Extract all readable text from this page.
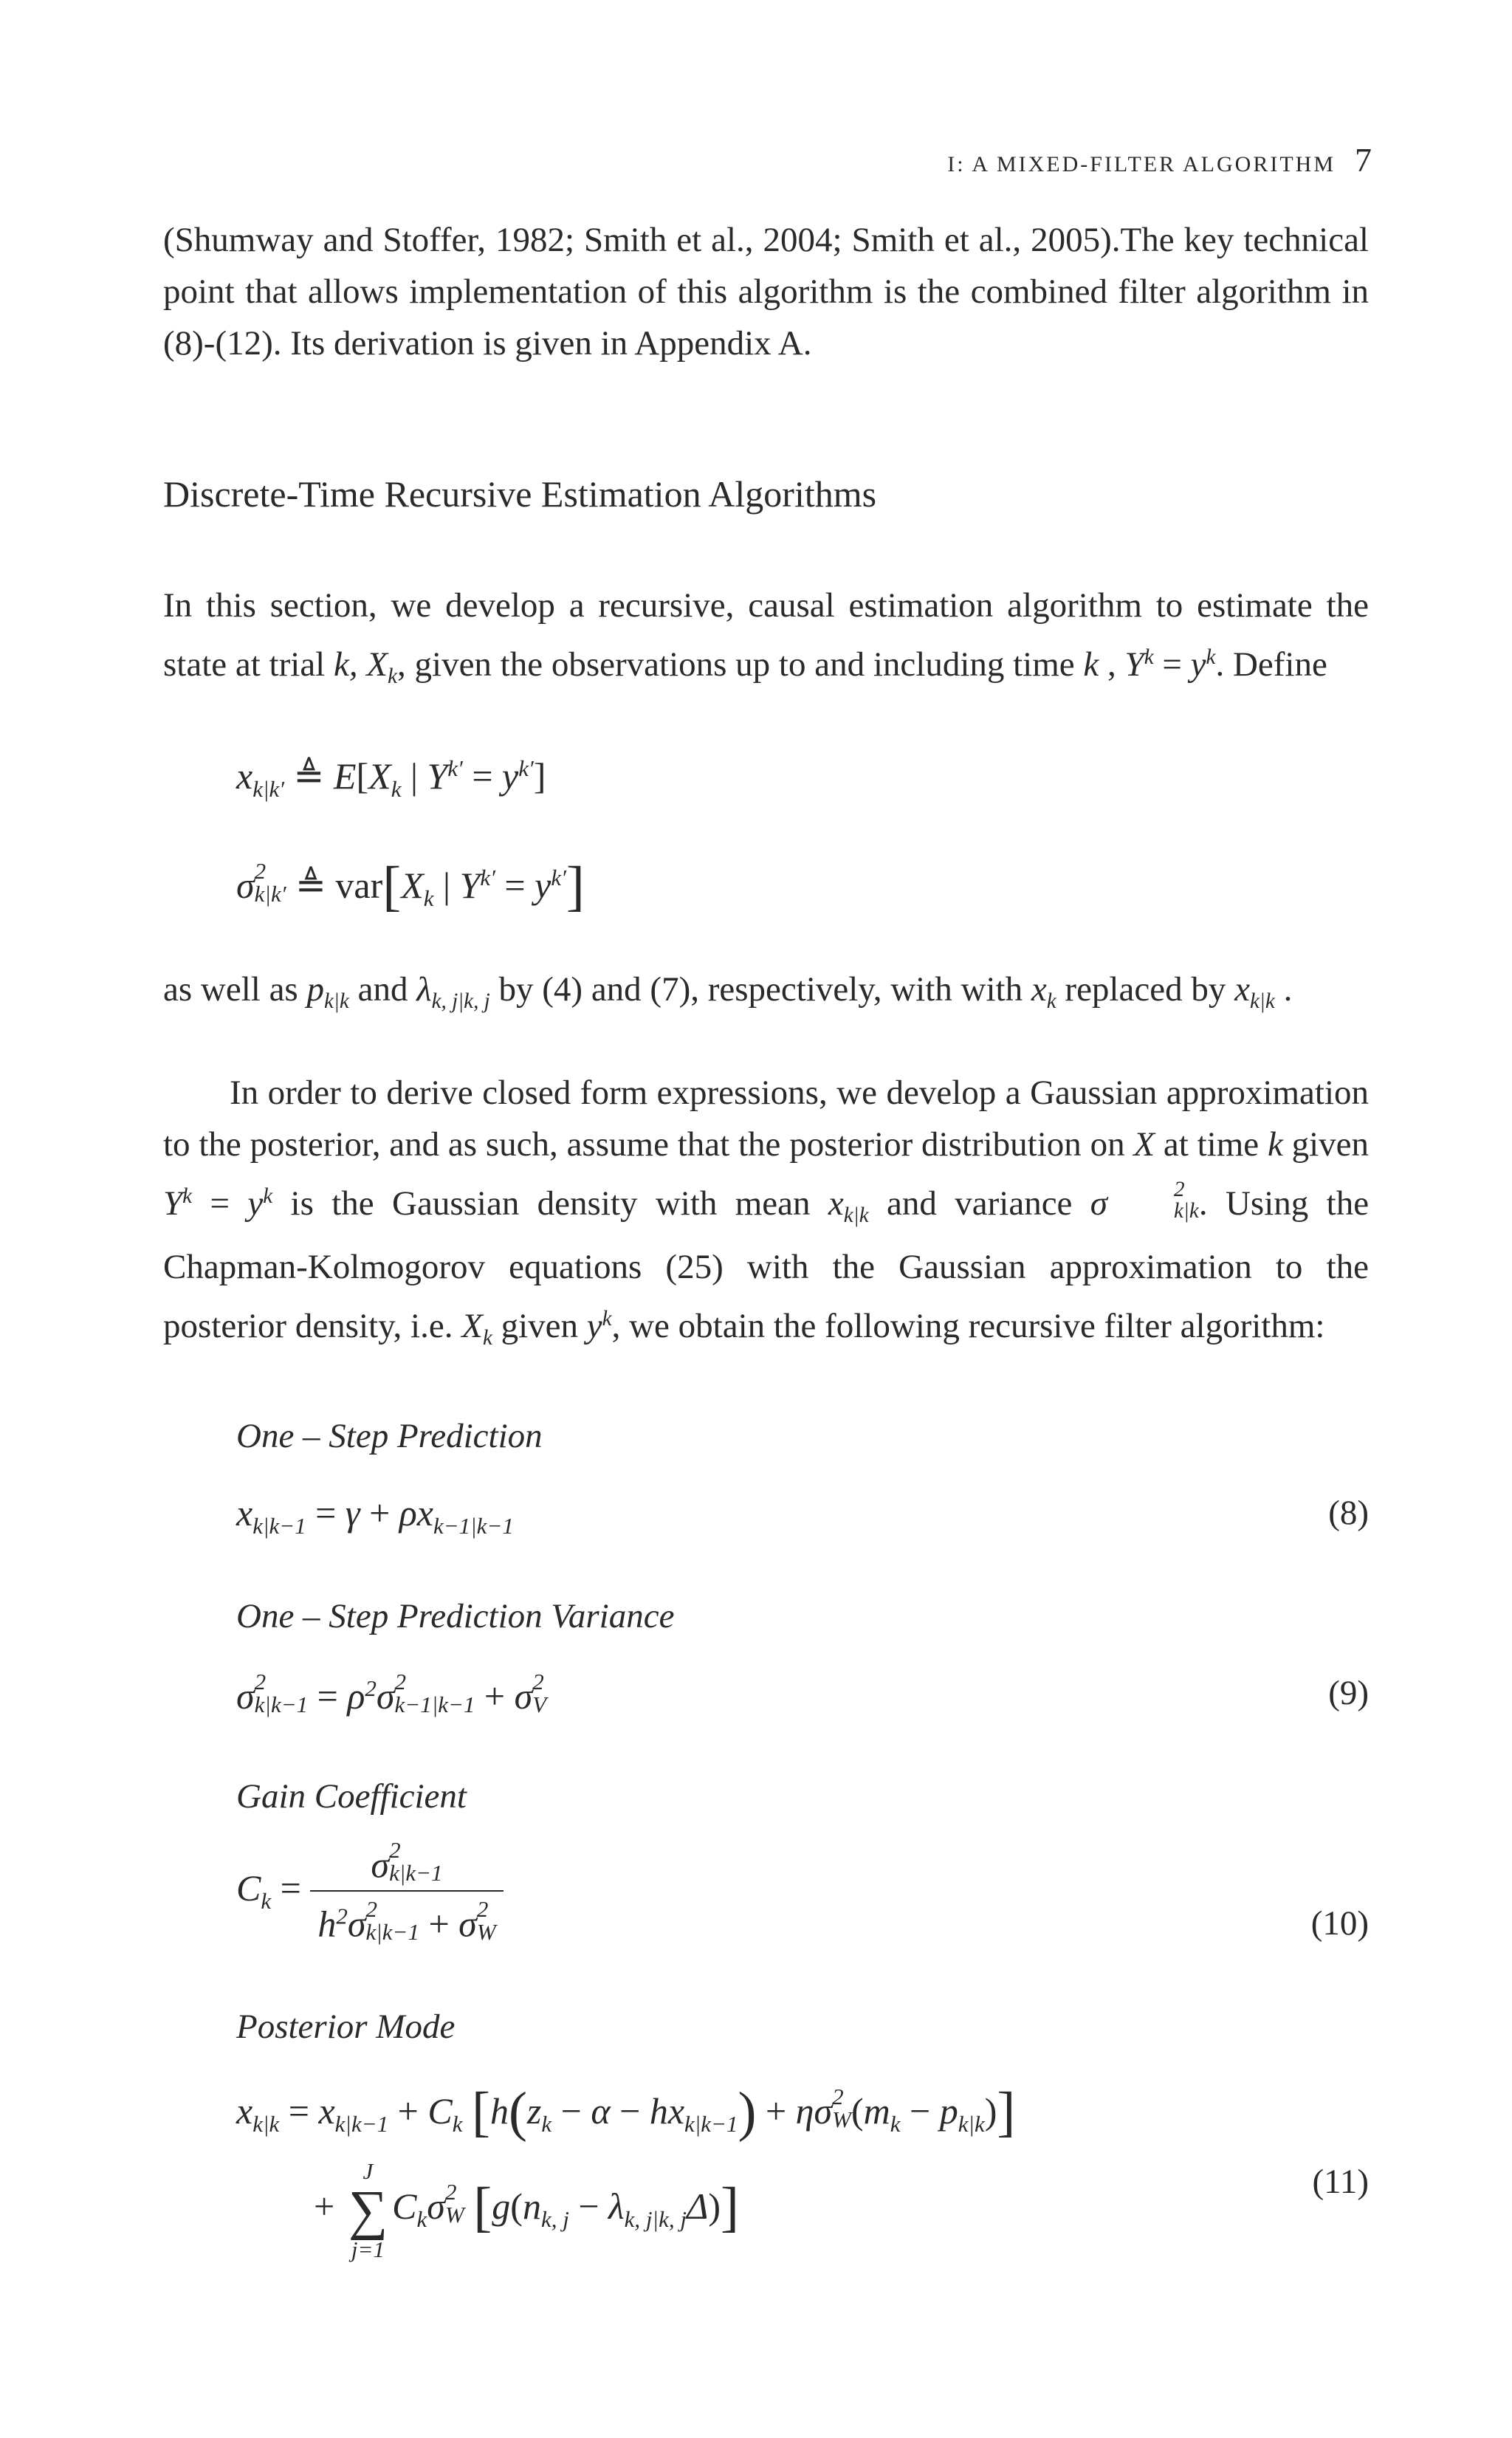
I: A MIXED-FILTER ALGORITHM 7

(Shumway and Stoffer, 1982; Smith et al., 2004; Smith et al., 2005).The key technical point that allows implementation of this algorithm is the combined filter algorithm in (8)-(12). Its derivation is given in Appendix A.

Discrete-Time Recursive Estimation Algorithms

In this section, we develop a recursive, causal estimation algorithm to estimate the state at trial k, $X_k$, given the observations up to and including time k , $Y^k = y^k$. Define

$x_{k|k'}$ ≜ $E[X_k$ | $Y^{k'} = y^{k'}$]
σ 2
k|k′ ≜ $var[X_k$ | $Y^{k'} = y^{k'}$]

as well as $p_{k|k}$ and $\lambda_{k, j|k, j}$ by (4) and (7), respectively, with with $x_k$ replaced by $x_{k|k}$ .

In order to derive closed form expressions, we develop a Gaussian approximation to the posterior, and as such, assume that the posterior distribution on X at time k given $Y^k = y^k$ is the Gaussian density with mean $x_{k|k}$ and variance σ	2
k|k . Using the Chapman-Kolmogorov equations (25) with the Gaussian approximation to the posterior density, i.e. $X_k$ given $y^k$, we obtain the following recursive filter algorithm:

One – Step Prediction
$x_{k|k-1} = \gamma + \rho x_{k-1|k-1}$	(8)
One – Step Prediction Variance
σ 2
$k|k-1 = \rho^2\sigma$ 2
k−1|k−1 + σ 2
V	(9)
Gain Coefficient
$C_k = \sigma$ 2
k|k−1
$h^2\sigma$ 2
k|k−1 + σ 2
W	(10)
Posterior Mode
$x_{k|k} = x_{k|k-1} + C_k$ [$h(z_k - \alpha - hx_{k|k-1}) + \eta\sigma$ 2
W $(m_k - p_{k|k})$]
+
J
∑
j=1
$C_k\sigma$ 2
W $[g(n_{k, j} - \lambda_{k, j|k, j}\Delta)]$	(11)
